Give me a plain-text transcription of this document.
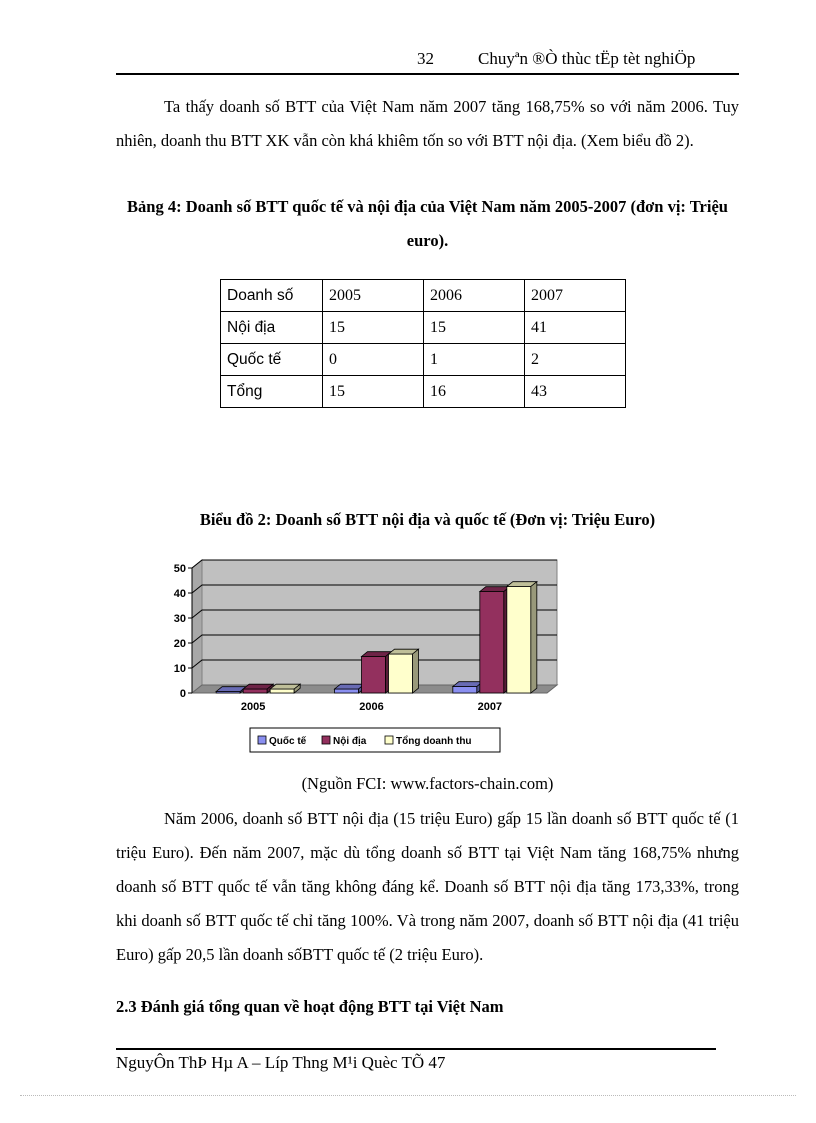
32	Chuyªn ®Ò thùc tËp tèt nghiÖp
Ta thấy doanh số BTT của Việt Nam năm 2007 tăng 168,75% so với năm 2006. Tuy nhiên, doanh thu BTT XK vẫn còn khá khiêm tốn so với BTT nội địa. (Xem biểu đồ 2).
Bảng 4: Doanh số BTT quốc tế và nội địa của Việt Nam năm 2005-2007 (đơn vị: Triệu euro).
Doanh số	2005	2006	2007
Nội địa	15	15	41
Quốc tế	0	1	2
Tổng	15	16	43
Biểu đồ 2: Doanh số BTT nội địa và quốc tế (Đơn vị: Triệu Euro)
0
10
20
30
40
50
2005	2006	2007
Quốc tế	Nội địa	Tổng doanh thu
(Nguồn FCI: www.factors-chain.com)
Năm 2006, doanh số BTT nội địa (15 triệu Euro) gấp 15 lần doanh số BTT quốc tế (1 triệu Euro). Đến năm 2007, mặc dù tổng doanh số BTT tại Việt Nam tăng 168,75% nhưng doanh số BTT quốc tế vẫn tăng không đáng kể. Doanh số BTT nội địa tăng 173,33%, trong khi doanh số BTT quốc tế chỉ tăng 100%. Và trong năm 2007, doanh số BTT nội địa (41 triệu Euro) gấp 20,5 lần doanh sốBTT quốc tế (2 triệu Euro).
2.3 Đánh giá tổng quan về hoạt động BTT tại Việt Nam
NguyÔn ThÞ Hµ A – Líp Thng M¹i Quèc TÕ 47
